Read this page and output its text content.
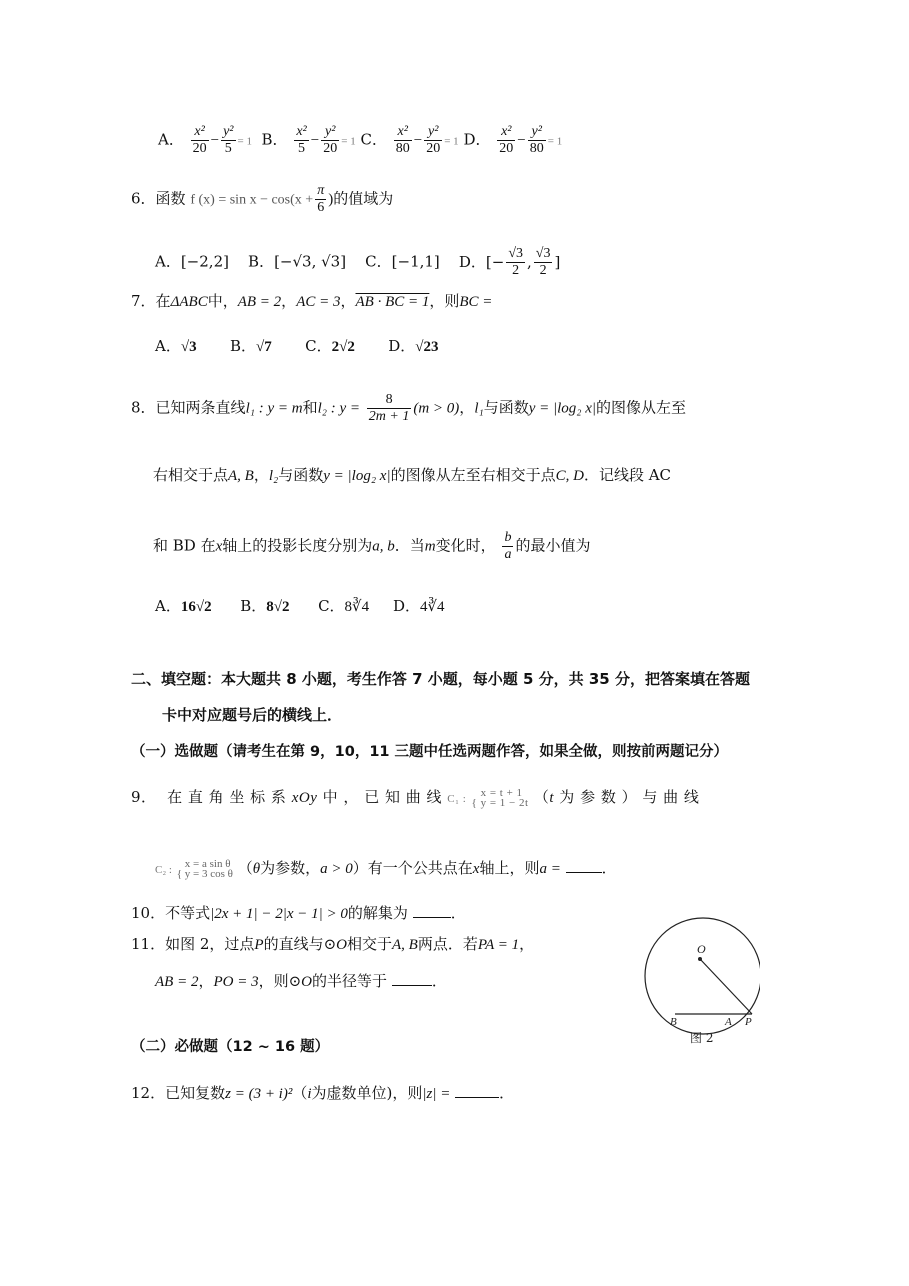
A． $\frac{\text{x²}}{20} - \frac{\text{y²}}{5} = 1$ B． $\frac{\text{x²}}{5} - \frac{\text{y²}}{20} = 1$ C． $\frac{\text{x²}}{80} - \frac{\text{y²}}{20} = 1$ D． $\frac{\text{x²}}{20} - \frac{\text{y²}}{80} = 1$
6．函数 f $(x) = \sin x - \cos(x + \frac{\pi}{6}$ )的值域为
A．[−2,2] B．[−√3, √3] C．[−1,1] D．[− $\frac{√3}{2}$ , $\frac{√3}{2}$ ]
7．在ΔABC中，AB = 2，AC = 3，AB · BC = 1，则BC =
A．√3 B．√7 C．2√2 D．√23
8．已知两条直线l₁ : y = m和l₂ : $y = \frac{8}{2m + 1} (m > 0)$，l₁与函数y = |log₂ x|的图像从左至
右相交于点A, B，l₂与函数y = |log₂ x|的图像从左至右相交于点C, D．记线段 AC
和 BD 在x轴上的投影长度分别为a, b．当m变化时， $\frac{b}{a}$ 的最小值为
A．16√2 B．8√2 C．8∛4 D．4∛4
二、填空题：本大题共 8 小题，考生作答 7 小题，每小题 5 分，共 35 分，把答案填在答题
卡中对应题号后的横线上．
（一）选做题（请考生在第 9，10，11 三题中任选两题作答，如果全做，则按前两题记分）
9． 在 直 角 坐 标 系 xOy 中 ， 已 知 曲 线 C₁ : {
x = t + 1
y = 1 − 2t （t 为 参 数 ） 与 曲 线
C₂ : {
x = a sin θ
y = 3 cos θ （θ为参数，a > 0）有一个公共点在x轴上，则a =	．
10．不等式|2x + 1| − 2|x − 1| > 0的解集为	．
11．如图 2，过点P的直线与⊙O相交于A, B两点．若PA = 1，
AB = 2，PO = 3，则⊙O的半径等于	．
O
B	A P
图 2
（二）必做题（12 ~ 16 题）
12．已知复数z = (3 + i)²（i为虚数单位)，则|z| =	．
